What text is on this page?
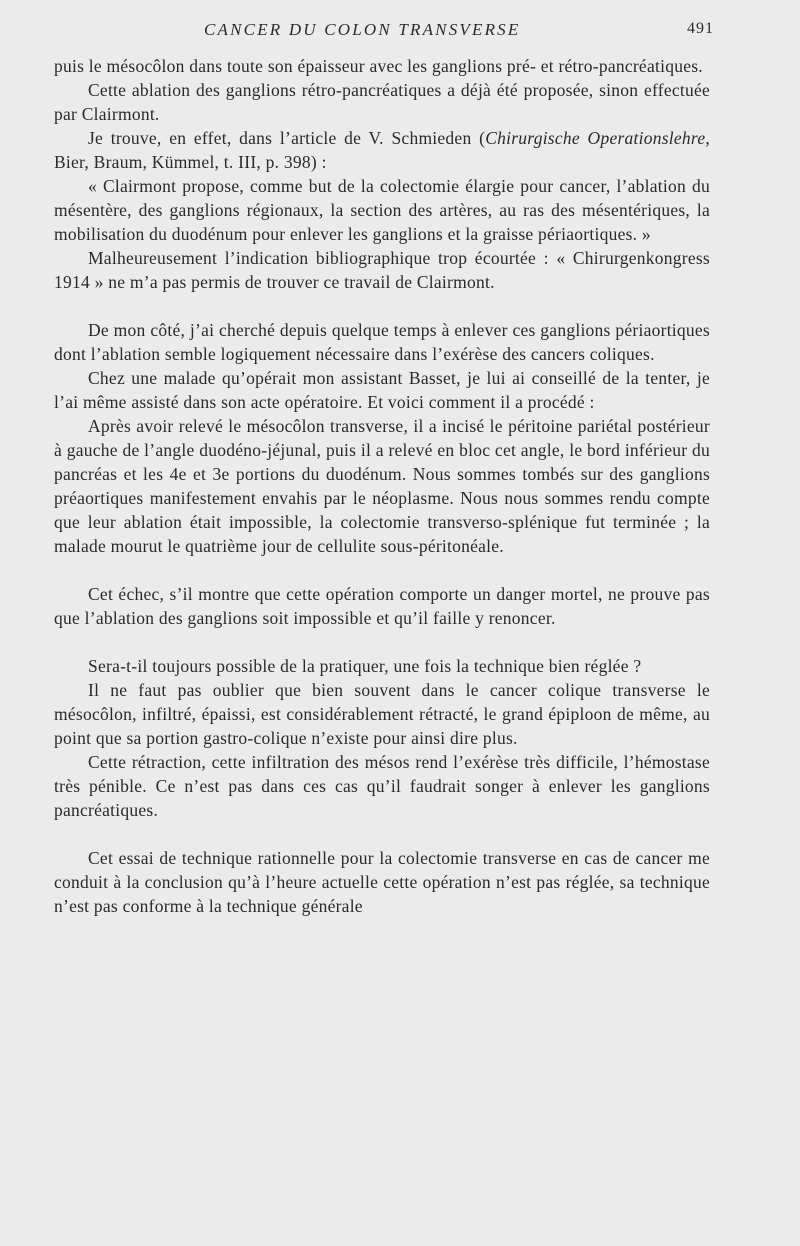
CANCER DU COLON TRANSVERSE	491

puis le mésocôlon dans toute son épaisseur avec les ganglions pré- et rétro-pancréatiques.

Cette ablation des ganglions rétro-pancréatiques a déjà été proposée, sinon effectuée par Clairmont.

Je trouve, en effet, dans l’article de V. Schmieden (Chirurgische Operationslehre, Bier, Braum, Kümmel, t. III, p. 398) :

« Clairmont propose, comme but de la colectomie élargie pour cancer, l’ablation du mésentère, des ganglions régionaux, la section des artères, au ras des mésentériques, la mobilisation du duodénum pour enlever les ganglions et la graisse périaortiques. »

Malheureusement l’indication bibliographique trop écourtée : « Chirurgenkongress 1914 » ne m’a pas permis de trouver ce travail de Clairmont.

De mon côté, j’ai cherché depuis quelque temps à enlever ces ganglions périaortiques dont l’ablation semble logiquement nécessaire dans l’exérèse des cancers coliques.

Chez une malade qu’opérait mon assistant Basset, je lui ai conseillé de la tenter, je l’ai même assisté dans son acte opératoire. Et voici comment il a procédé :

Après avoir relevé le mésocôlon transverse, il a incisé le péritoine pariétal postérieur à gauche de l’angle duodéno-jéjunal, puis il a relevé en bloc cet angle, le bord inférieur du pancréas et les 4e et 3e portions du duodénum. Nous sommes tombés sur des ganglions préaortiques manifestement envahis par le néoplasme. Nous nous sommes rendu compte que leur ablation était impossible, la colectomie transverso-splénique fut terminée ; la malade mourut le quatrième jour de cellulite sous-péritonéale.

Cet échec, s’il montre que cette opération comporte un danger mortel, ne prouve pas que l’ablation des ganglions soit impossible et qu’il faille y renoncer.

Sera-t-il toujours possible de la pratiquer, une fois la technique bien réglée ?

Il ne faut pas oublier que bien souvent dans le cancer colique transverse le mésocôlon, infiltré, épaissi, est considérablement rétracté, le grand épiploon de même, au point que sa portion gastro-colique n’existe pour ainsi dire plus.

Cette rétraction, cette infiltration des mésos rend l’exérèse très difficile, l’hémostase très pénible. Ce n’est pas dans ces cas qu’il faudrait songer à enlever les ganglions pancréatiques.

Cet essai de technique rationnelle pour la colectomie transverse en cas de cancer me conduit à la conclusion qu’à l’heure actuelle cette opération n’est pas réglée, sa technique n’est pas conforme à la technique générale
